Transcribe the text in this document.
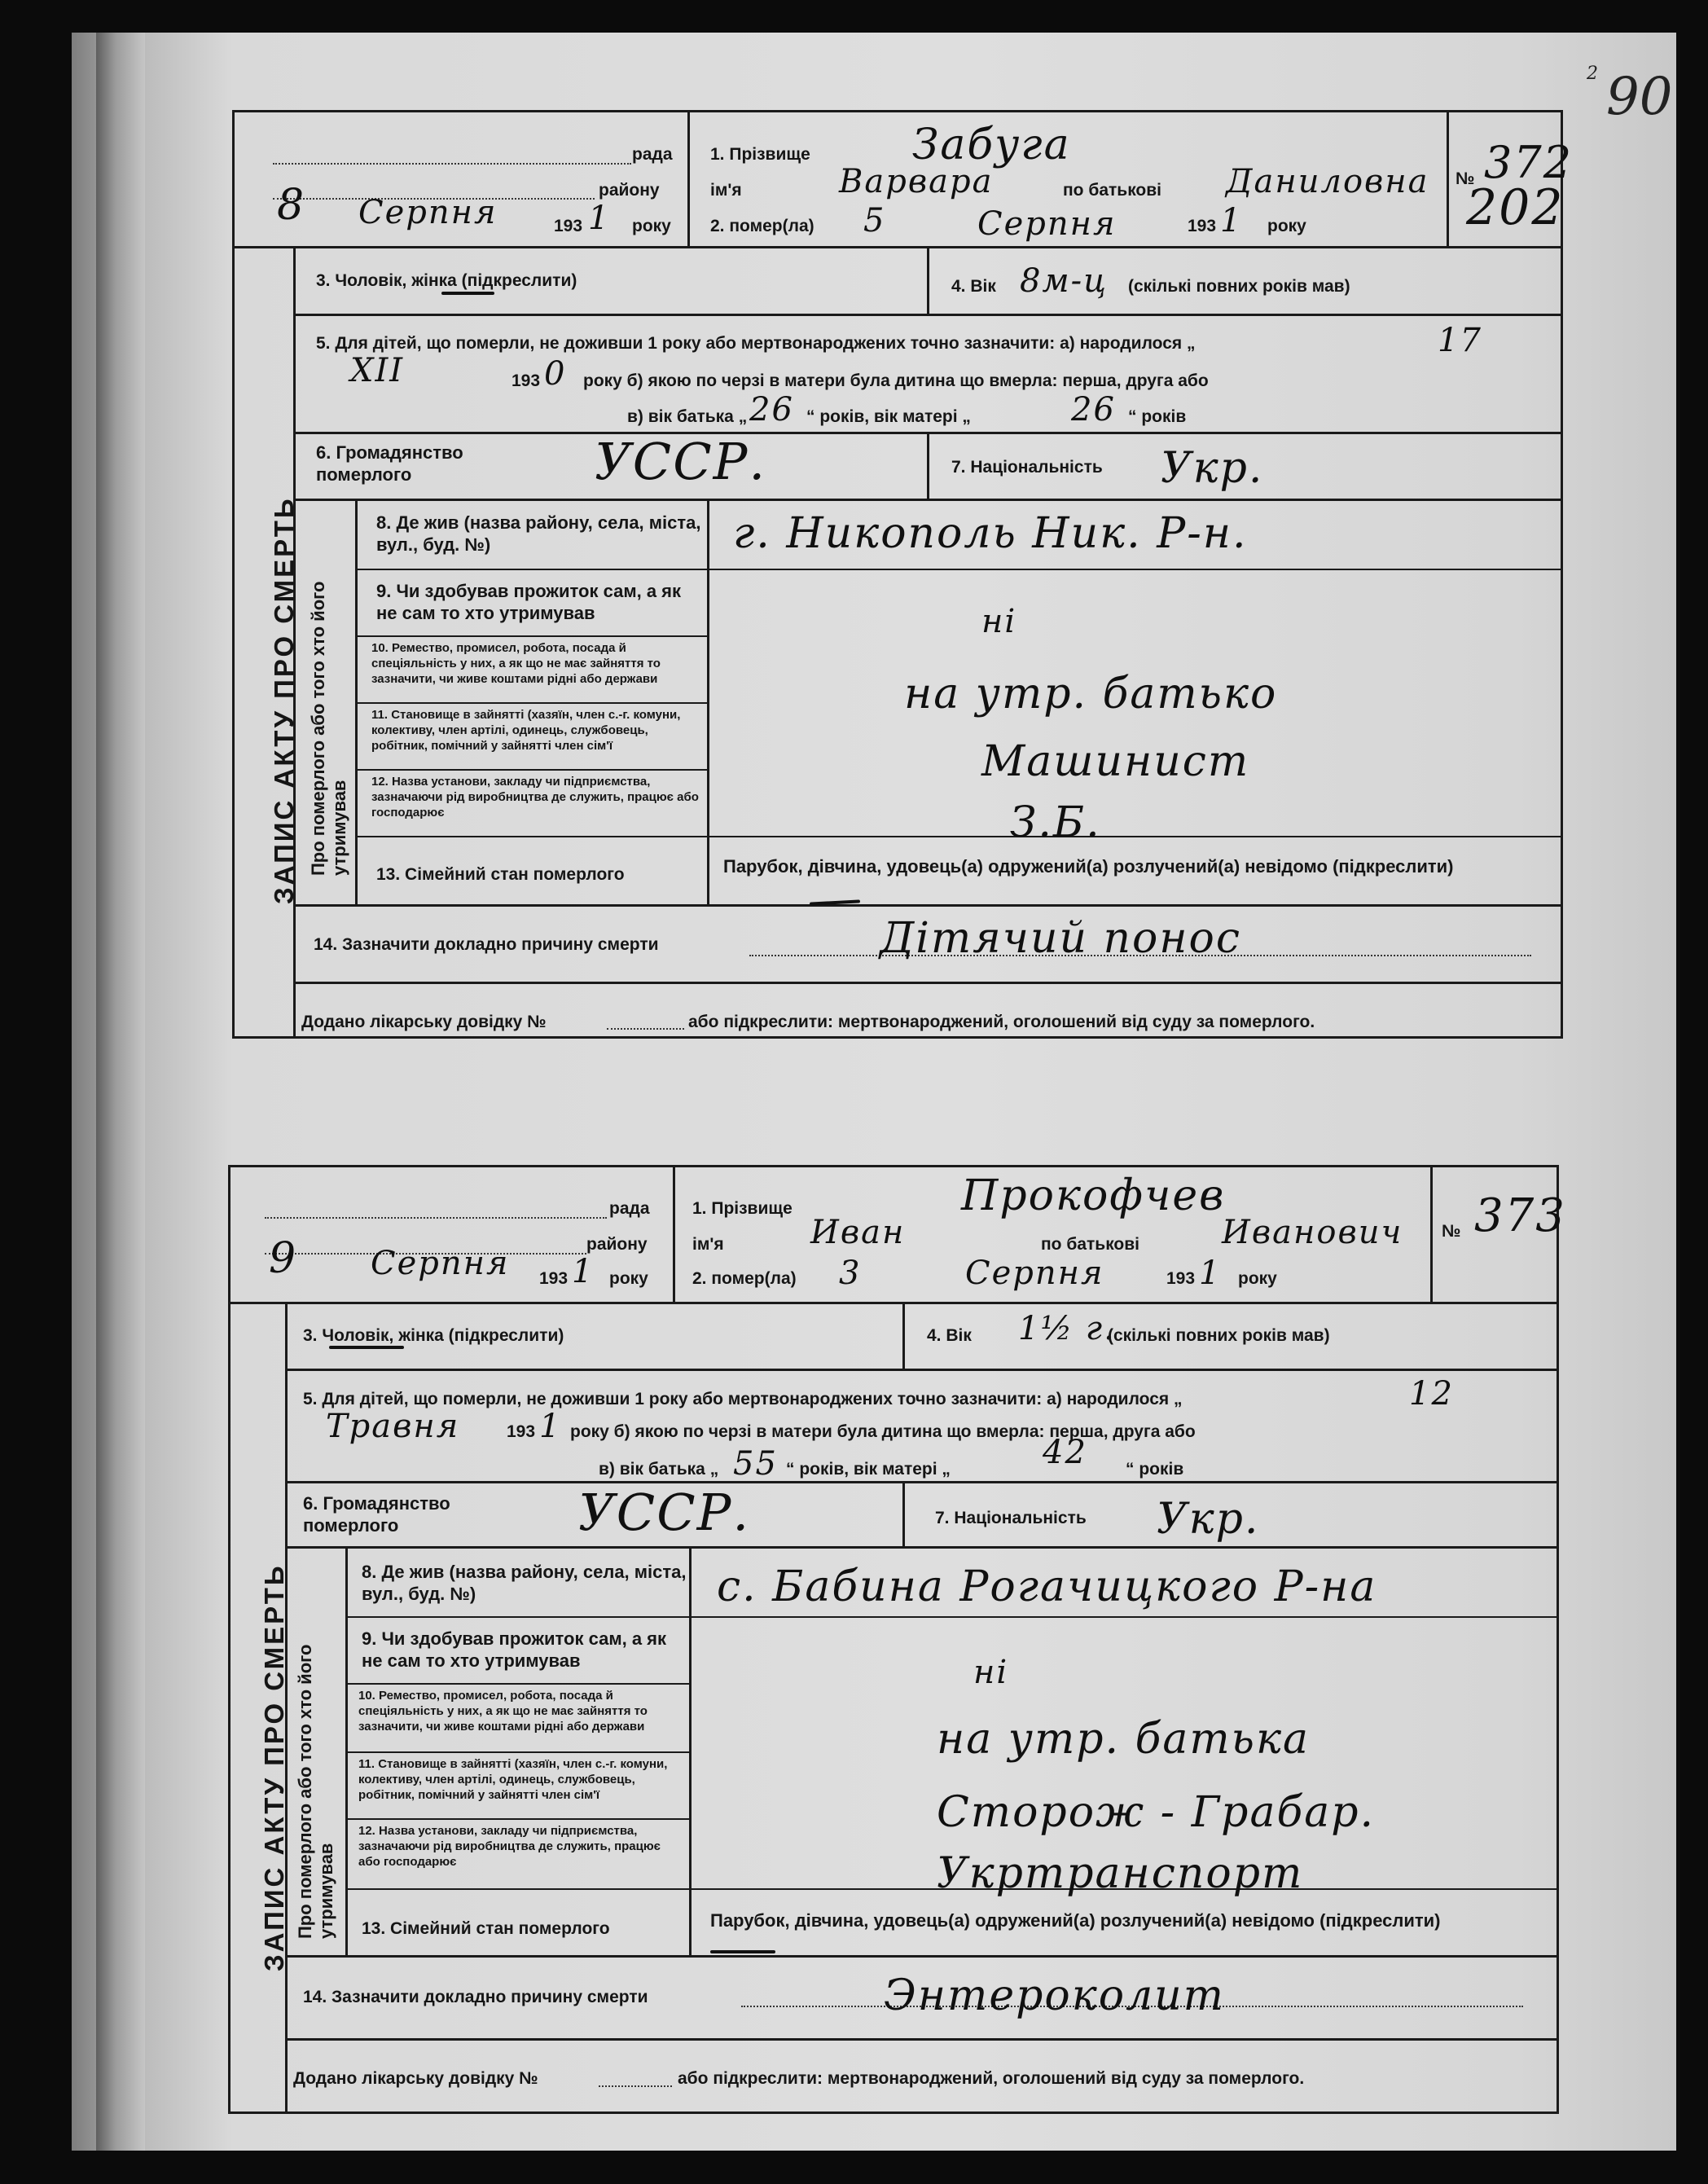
2 90
рада
району
8 Серпня	193 1 року
1. Прізвище Забуга
ім'я	Варвара	по батькові Даниловна
2. помер(ла) 5	Серпня	193 1 року
№ 372
202
3. Чоловік, жінка (підкреслити)	4. Вік 8м-ц (скількі повних років мав)
5. Для дітей, що померли, не доживши 1 року або мертвонароджених точно зазначити: а) народилося „	17
XII	193 0 року б) якою по черзі в матери була дитина що вмерла: перша, друга або
в) вік батька „ 26 “ років, вік матері „	26 “ років
6. Громадянство померлого	УССР.	7. Національність Укр.
ЗАПИС АКТУ ПРО СМЕРТЬ Про померлого або того хто його утримував
8. Де жив (назва району, села, міста, вул., буд. №)	г. Никополь Ник. Р-н.
9. Чи здобував прожиток сам, а як не сам то хто утримував	ні
10. Ремество, промисел, робота, посада й спеціяльність у них, а як що не має зайняття то зазначити, чи живе коштами рідні або держави	на утр. батько
11. Становище в зайнятті (хазяїн, член с.-г. комуни, колективу, член артілі, одинець, службовець, робітник, помічний у зайнятті член сім'ї	Машинист
12. Назва установи, закладу чи підприємства, зазначаючи рід виробництва де служить, працює або господарює	З.Б.
13. Сімейний стан померлого	Парубок, дівчина, удовець(а) одружений(а) розлучений(а) невідомо (підкреслити)
14. Зазначити докладно причину смерти	Дітячий понос
Додано лікарську довідку №	або підкреслити: мертвонароджений, оголошений від суду за померлого.
рада
району
9 Серпня 193 1 року
1. Прізвище	Прокофчев
ім'я	Иван	по батькові	Иванович
2. помер(ла) 3	Серпня	193 1 року
№ 373
3. Чоловік, жінка (підкреслити)	4. Вік 1½ г.
(скількі повних років мав)
5. Для дітей, що померли, не доживши 1 року або мертвонароджених точно зазначити: а) народилося „	12
Травня	193 1 року б) якою по черзі в матери була дитина що вмерла: перша, друга або
в) вік батька „ 55 “ років, вік матері „	42 “ років
6. Громадянство померлого	УССР.	7. Національність Укр.
ЗАПИС АКТУ ПРО СМЕРТЬ Про померлого або того хто його утримував
8. Де жив (назва району, села, міста, вул., буд. №)	с. Бабина Рогачицкого Р-на
9. Чи здобував прожиток сам, а як не сам то хто утримував	ні
10. Ремество, промисел, робота, посада й спеціяльність у них, а як що не має зайняття то зазначити, чи живе коштами рідні або держави	на утр. батька
11. Становище в зайнятті (хазяїн, член с.-г. комуни, колективу, член артілі, одинець, службовець, робітник, помічний у зайнятті член сім'ї	Сторож - Грабар.
12. Назва установи, закладу чи підприємства, зазначаючи рід виробництва де служить, працює або господарює	Укртранспорт
13. Сімейний стан померлого	Парубок, дівчина, удовець(а) одружений(а) розлучений(а) невідомо (підкреслити)
14. Зазначити докладно причину смерти	Энтероколит
Додано лікарську довідку №	або підкреслити: мертвонароджений, оголошений від суду за померлого.
